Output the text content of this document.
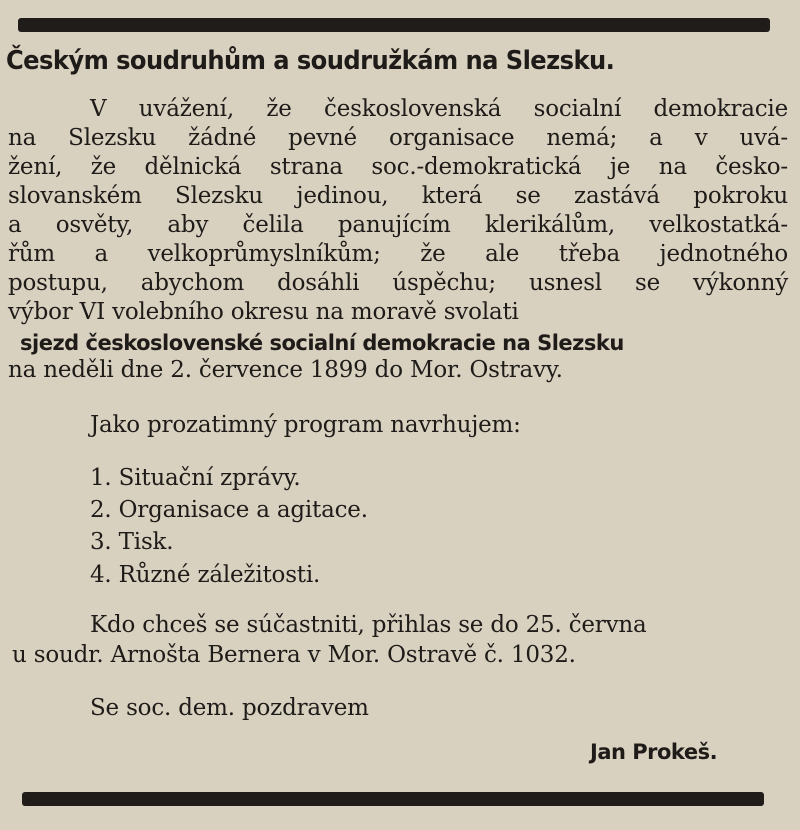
Českým soudruhům a soudružkám na Slezsku.
V uvážení, že československá socialní demokracie
na Slezsku žádné pevné organisace nemá; a v uvá-
žení, že dělnická strana soc.-demokratická je na česko-
slovanském Slezsku jedinou, která se zastává pokroku
a osvěty, aby čelila panujícím klerikálům, velkostatká-
řům a velkoprůmyslníkům; že ale třeba jednotného
postupu, abychom dosáhli úspěchu; usnesl se výkonný
výbor VI volebního okresu na moravě svolati
sjezd československé socialní demokracie na Slezsku
na neděli dne 2. července 1899 do Mor. Ostravy.
Jako prozatimný program navrhujem:
1. Situační zprávy.
2. Organisace a agitace.
3. Tisk.
4. Různé záležitosti.
Kdo chceš se súčastniti, přihlas se do 25. června
u soudr. Arnošta Bernera v Mor. Ostravě č. 1032.
Se soc. dem. pozdravem
Jan Prokeš.
